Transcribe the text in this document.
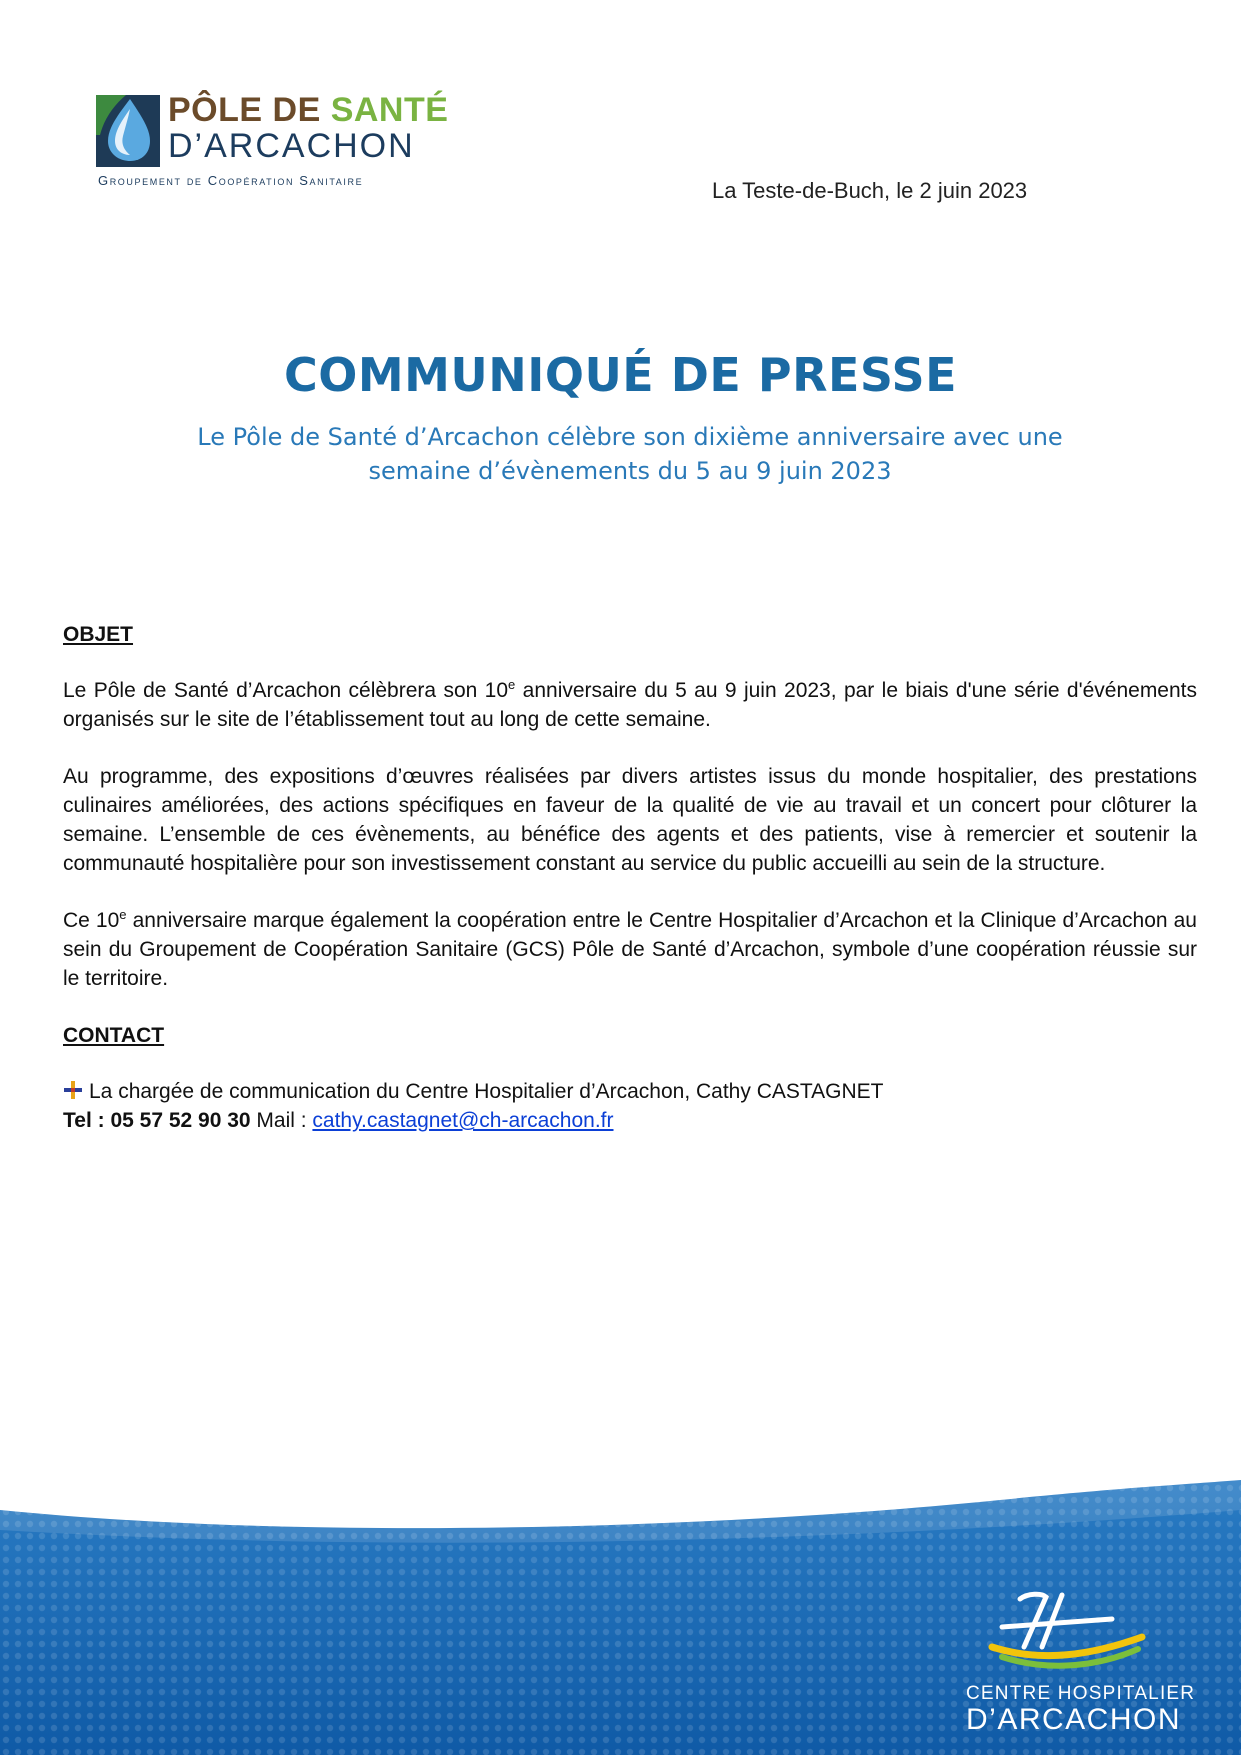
PÔLE DE SANTÉ
D’ARCACHON
Groupement de Coopération Sanitaire	La Teste-de-Buch, le 2 juin 2023
COMMUNIQUÉ DE PRESSE
Le Pôle de Santé d’Arcachon célèbre son dixième anniversaire avec une
semaine d’évènements du 5 au 9 juin 2023

OBJET

Le Pôle de Santé d’Arcachon célèbrera son 10e anniversaire du 5 au 9 juin 2023, par le biais d'une série d'événements organisés sur le site de l’établissement tout au long de cette semaine.

Au programme, des expositions d’œuvres réalisées par divers artistes issus du monde hospitalier, des prestations culinaires améliorées, des actions spécifiques en faveur de la qualité de vie au travail et un concert pour clôturer la semaine. L’ensemble de ces évènements, au bénéfice des agents et des patients, vise à remercier et soutenir la communauté hospitalière pour son investissement constant au service du public accueilli au sein de la structure.

Ce 10e anniversaire marque également la coopération entre le Centre Hospitalier d’Arcachon et la Clinique d’Arcachon au sein du Groupement de Coopération Sanitaire (GCS) Pôle de Santé d’Arcachon, symbole d’une coopération réussie sur le territoire.

CONTACT

La chargée de communication du Centre Hospitalier d’Arcachon, Cathy CASTAGNET

Tel : 05 57 52 90 30 Mail : cathy.castagnet@ch-arcachon.fr

CENTRE HOSPITALIER
D’ARCACHON
